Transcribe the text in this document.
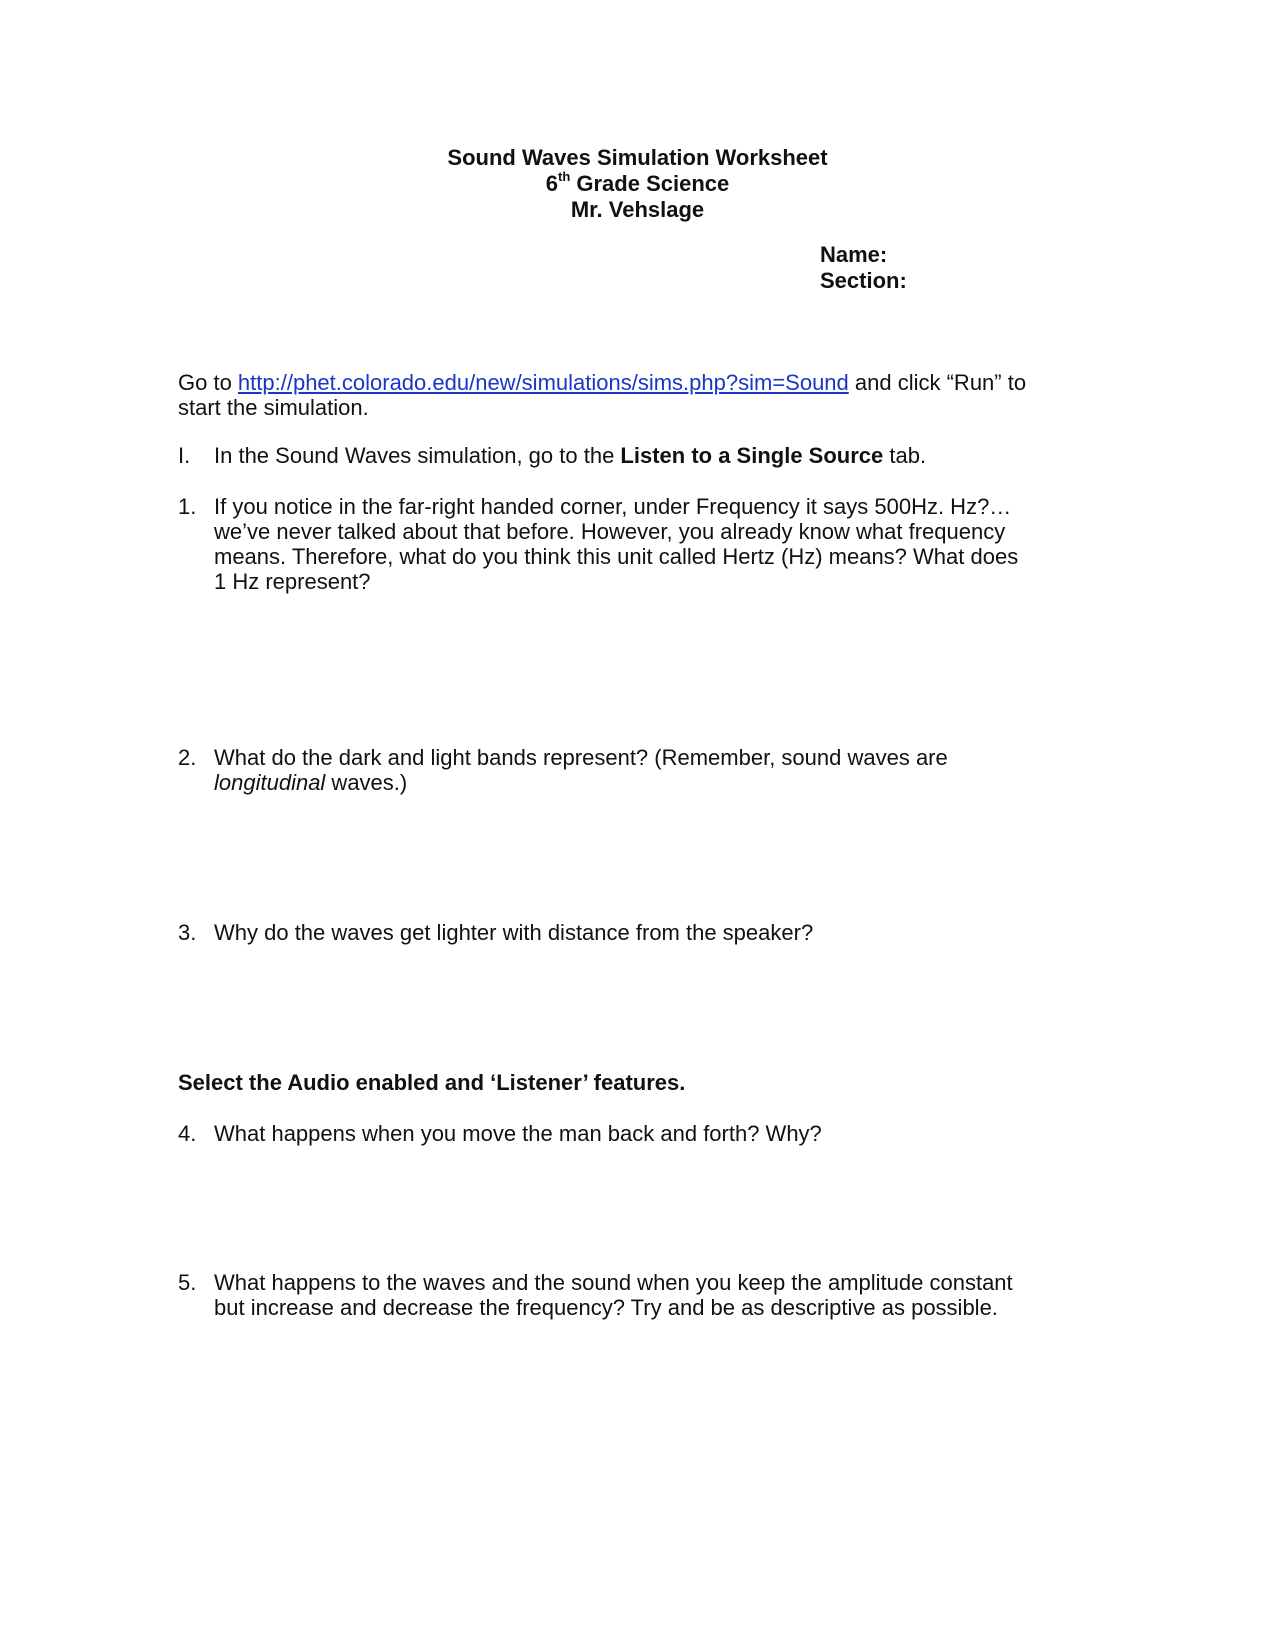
Sound Waves Simulation Worksheet
6th Grade Science
Mr. Vehslage
Name:
Section:
Go to http://phet.colorado.edu/new/simulations/sims.php?sim=Sound and click “Run” to start the simulation.
I.	In the Sound Waves simulation, go to the Listen to a Single Source tab.
1. If you notice in the far-right handed corner, under Frequency it says 500Hz. Hz?…we’ve never talked about that before. However, you already know what frequency means. Therefore, what do you think this unit called Hertz (Hz) means? What does 1 Hz represent?
2. What do the dark and light bands represent? (Remember, sound waves are longitudinal waves.)
3. Why do the waves get lighter with distance from the speaker?
Select the Audio enabled and ‘Listener’ features.
4. What happens when you move the man back and forth? Why?
5. What happens to the waves and the sound when you keep the amplitude constant but increase and decrease the frequency? Try and be as descriptive as possible.
